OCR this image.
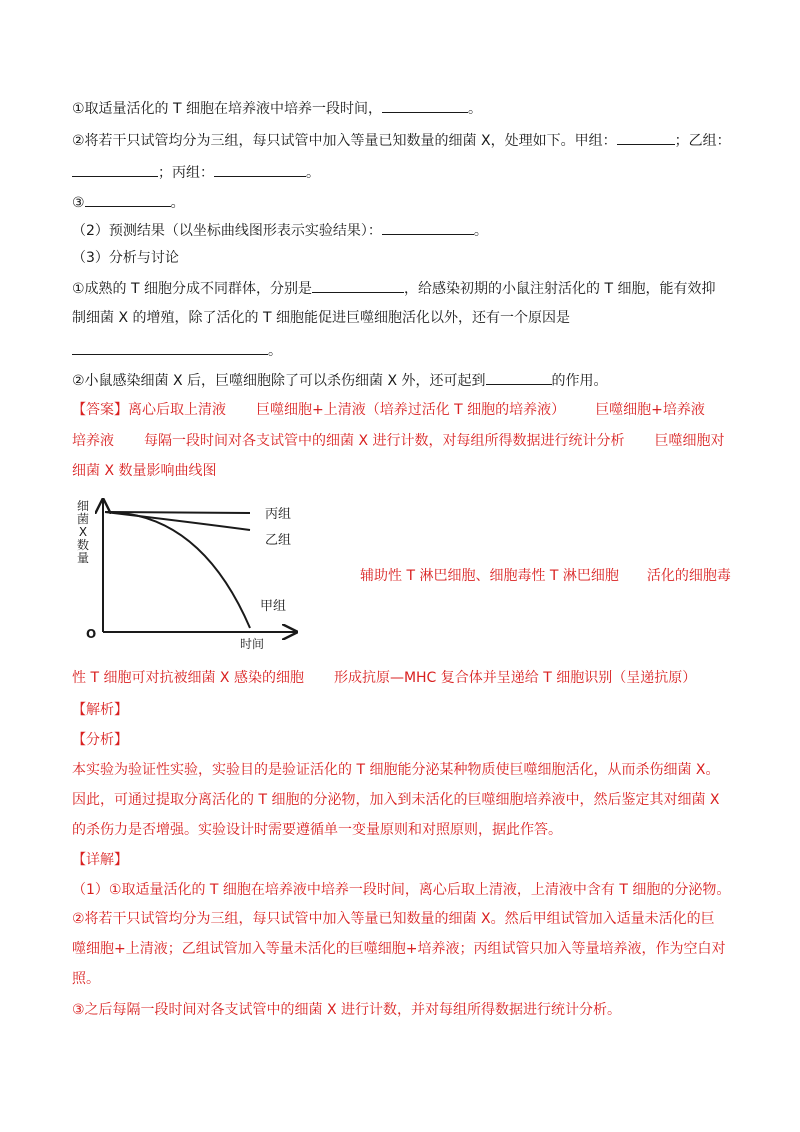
①取适量活化的 T 细胞在培养液中培养一段时间，	。
②将若干只试管均分为三组，每只试管中加入等量已知数量的细菌 X，处理如下。甲组：	；乙组：
；丙组：	。
③	。
（2）预测结果（以坐标曲线图形表示实验结果）：	。
（3）分析与讨论
①成熟的 T 细胞分成不同群体，分别是	，给感染初期的小鼠注射活化的 T 细胞，能有效抑
制细菌 X 的增殖，除了活化的 T 细胞能促进巨噬细胞活化以外，还有一个原因是
。
②小鼠感染细菌 X 后，巨噬细胞除了可以杀伤细菌 X 外，还可起到	的作用。
【答案】离心后取上清液 巨噬细胞+上清液（培养过活化 T 细胞的培养液） 巨噬细胞+培养液
培养液 每隔一段时间对各支试管中的细菌 X 进行计数，对每组所得数据进行统计分析 巨噬细胞对
细菌 X 数量影响曲线图
O
细菌 X 数量
时间
丙组
乙组
甲组
辅助性 T 淋巴细胞、细胞毒性 T 淋巴细胞 活化的细胞毒
性 T 细胞可对抗被细菌 X 感染的细胞 形成抗原—MHC 复合体并呈递给 T 细胞识别（呈递抗原）
【解析】
【分析】
本实验为验证性实验，实验目的是验证活化的 T 细胞能分泌某种物质使巨噬细胞活化，从而杀伤细菌 X。
因此，可通过提取分离活化的 T 细胞的分泌物，加入到未活化的巨噬细胞培养液中，然后鉴定其对细菌 X
的杀伤力是否增强。实验设计时需要遵循单一变量原则和对照原则，据此作答。
【详解】
（1）①取适量活化的 T 细胞在培养液中培养一段时间，离心后取上清液，上清液中含有 T 细胞的分泌物。
②将若干只试管均分为三组，每只试管中加入等量已知数量的细菌 X。然后甲组试管加入适量未活化的巨
噬细胞+上清液；乙组试管加入等量未活化的巨噬细胞+培养液；丙组试管只加入等量培养液，作为空白对
照。
③之后每隔一段时间对各支试管中的细菌 X 进行计数，并对每组所得数据进行统计分析。
